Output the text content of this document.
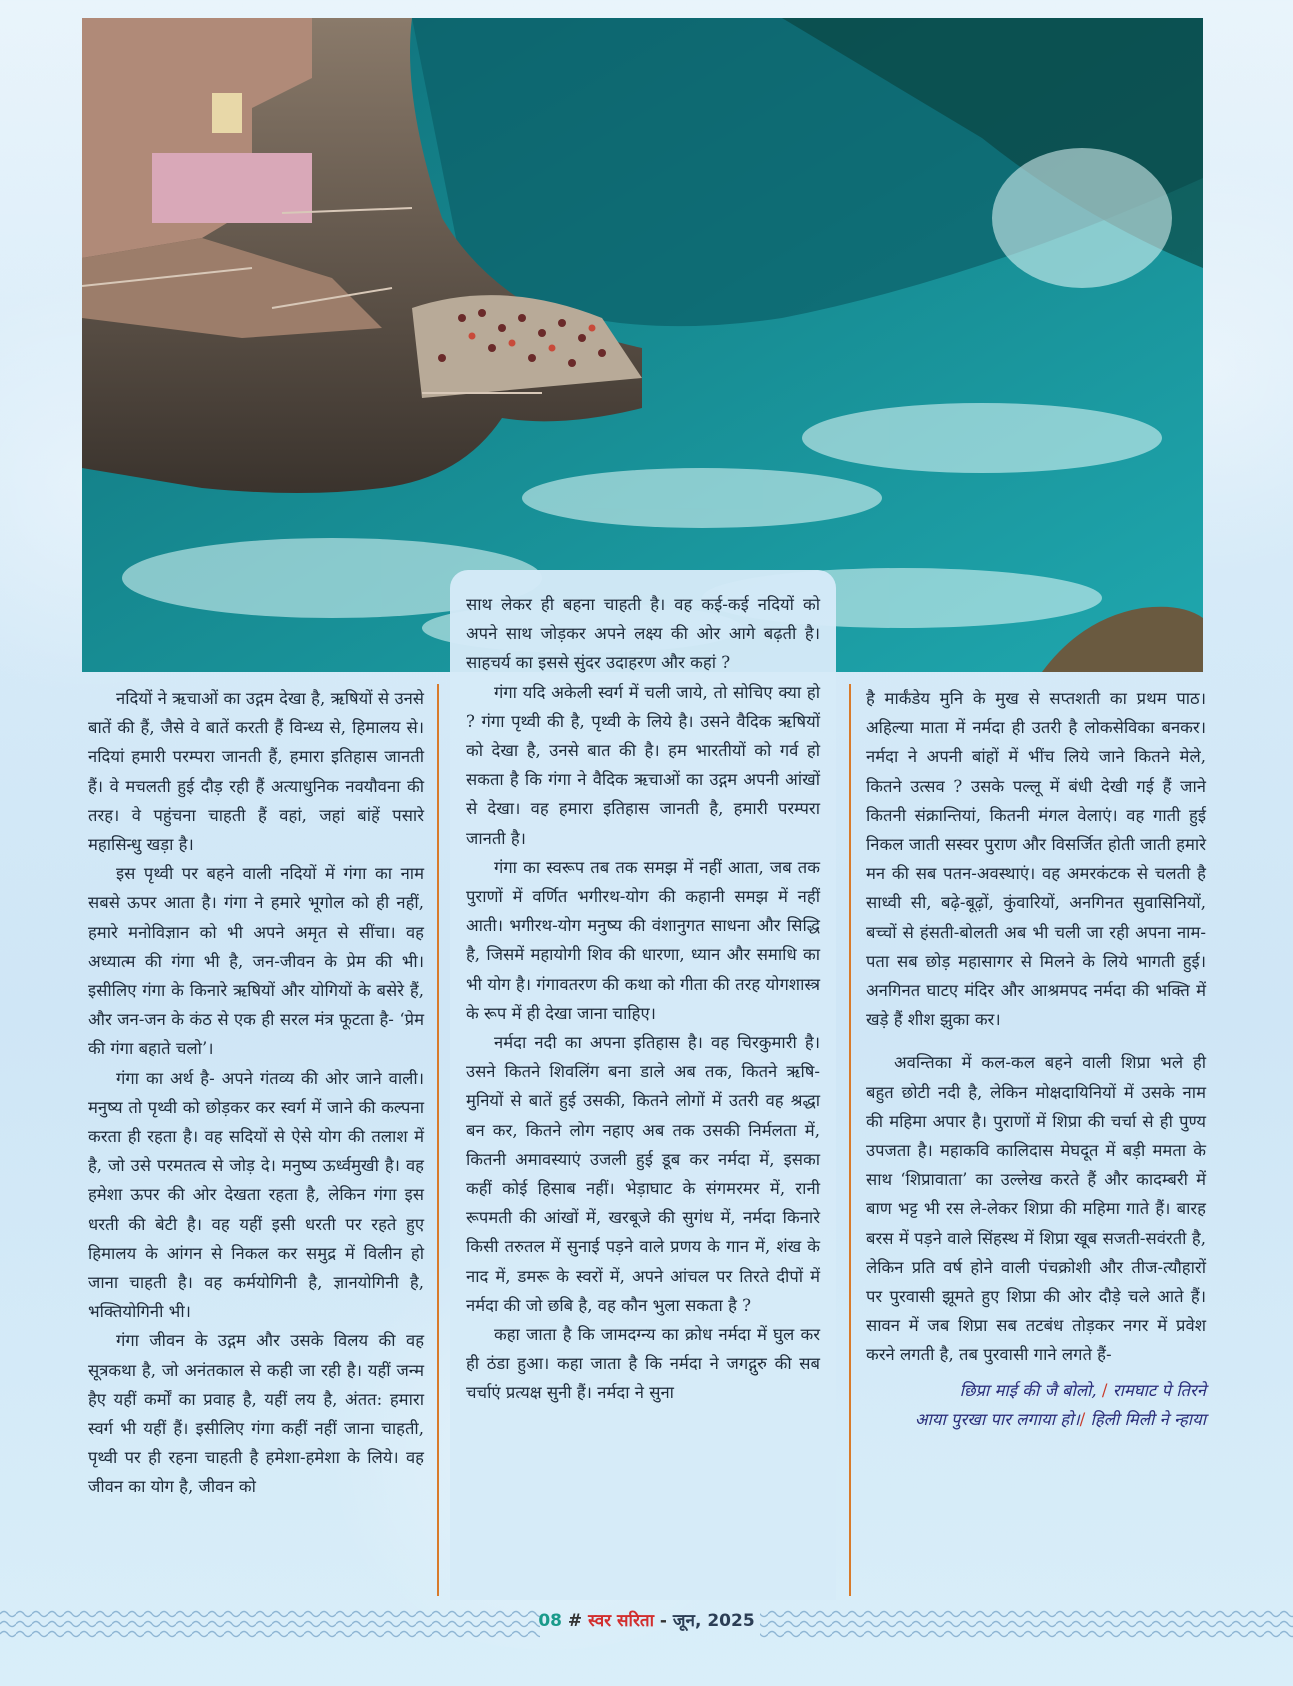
नदियों ने ऋचाओं का उद्गम देखा है, ऋषियों से उनसे बातें की हैं, जैसे वे बातें करती हैं विन्ध्य से, हिमालय से। नदियां हमारी परम्परा जानती हैं, हमारा इतिहास जानती हैं। वे मचलती हुई दौड़ रही हैं अत्याधुनिक नवयौवना की तरह। वे पहुंचना चाहती हैं वहां, जहां बांहें पसारे महासिन्धु खड़ा है।

इस पृथ्वी पर बहने वाली नदियों में गंगा का नाम सबसे ऊपर आता है। गंगा ने हमारे भूगोल को ही नहीं, हमारे मनोविज्ञान को भी अपने अमृत से सींचा। वह अध्यात्म की गंगा भी है, जन-जीवन के प्रेम की भी। इसीलिए गंगा के किनारे ऋषियों और योगियों के बसेरे हैं, और जन-जन के कंठ से एक ही सरल मंत्र फूटता है- ‘प्रेम की गंगा बहाते चलो’।

गंगा का अर्थ है- अपने गंतव्य की ओर जाने वाली। मनुष्य तो पृथ्वी को छोड़कर कर स्वर्ग में जाने की कल्पना करता ही रहता है। वह सदियों से ऐसे योग की तलाश में है, जो उसे परमतत्व से जोड़ दे। मनुष्य ऊर्ध्वमुखी है। वह हमेशा ऊपर की ओर देखता रहता है, लेकिन गंगा इस धरती की बेटी है। वह यहीं इसी धरती पर रहते हुए हिमालय के आंगन से निकल कर समुद्र में विलीन हो जाना चाहती है। वह कर्मयोगिनी है, ज्ञानयोगिनी है, भक्तियोगिनी भी।

गंगा जीवन के उद्गम और उसके विलय की वह सूत्रकथा है, जो अनंतकाल से कही जा रही है। यहीं जन्म हैए यहीं कर्मों का प्रवाह है, यहीं लय है, अंतत: हमारा स्वर्ग भी यहीं हैं। इसीलिए गंगा कहीं नहीं जाना चाहती, पृथ्वी पर ही रहना चाहती है हमेशा-हमेशा के लिये। वह जीवन का योग है, जीवन को

साथ लेकर ही बहना चाहती है। वह कई-कई नदियों को अपने साथ जोड़कर अपने लक्ष्य की ओर आगे बढ़ती है। साहचर्य का इससे सुंदर उदाहरण और कहां ?

गंगा यदि अकेली स्वर्ग में चली जाये, तो सोचिए क्या हो ? गंगा पृथ्वी की है, पृथ्वी के लिये है। उसने वैदिक ऋषियों को देखा है, उनसे बात की है। हम भारतीयों को गर्व हो सकता है कि गंगा ने वैदिक ऋचाओं का उद्गम अपनी आंखों से देखा। वह हमारा इतिहास जानती है, हमारी परम्परा जानती है।

गंगा का स्वरूप तब तक समझ में नहीं आता, जब तक पुराणों में वर्णित भगीरथ-योग की कहानी समझ में नहीं आती। भगीरथ-योग मनुष्य की वंशानुगत साधना और सिद्धि है, जिसमें महायोगी शिव की धारणा, ध्यान और समाधि का भी योग है। गंगावतरण की कथा को गीता की तरह योगशास्त्र के रूप में ही देखा जाना चाहिए।

नर्मदा नदी का अपना इतिहास है। वह चिरकुमारी है। उसने कितने शिवलिंग बना डाले अब तक, कितने ऋषि-मुनियों से बातें हुई उसकी, कितने लोगों में उतरी वह श्रद्धा बन कर, कितने लोग नहाए अब तक उसकी निर्मलता में, कितनी अमावस्याएं उजली हुई डूब कर नर्मदा में, इसका कहीं कोई हिसाब नहीं। भेड़ाघाट के संगमरमर में, रानी रूपमती की आंखों में, खरबूजे की सुगंध में, नर्मदा किनारे किसी तरुतल में सुनाई पड़ने वाले प्रणय के गान में, शंख के नाद में, डमरू के स्वरों में, अपने आंचल पर तिरते दीपों में नर्मदा की जो छबि है, वह कौन भुला सकता है ?

कहा जाता है कि जामदग्न्य का क्रोध नर्मदा में घुल कर ही ठंडा हुआ। कहा जाता है कि नर्मदा ने जगद्गुरु की सब चर्चाएं प्रत्यक्ष सुनी हैं। नर्मदा ने सुना

है मार्कंडेय मुनि के मुख से सप्तशती का प्रथम पाठ। अहिल्या माता में नर्मदा ही उतरी है लोकसेविका बनकर। नर्मदा ने अपनी बांहों में भींच लिये जाने कितने मेले, कितने उत्सव ? उसके पल्लू में बंधी देखी गई हैं जाने कितनी संक्रान्तियां, कितनी मंगल वेलाएं। वह गाती हुई निकल जाती सस्वर पुराण और विसर्जित होती जाती हमारे मन की सब पतन-अवस्थाएं। वह अमरकंटक से चलती है साध्वी सी, बढ़े-बूढ़ों, कुंवारियों, अनगिनत सुवासिनियों, बच्चों से हंसती-बोलती अब भी चली जा रही अपना नाम-पता सब छोड़ महासागर से मिलने के लिये भागती हुई। अनगिनत घाटए मंदिर और आश्रमपद नर्मदा की भक्ति में खड़े हैं शीश झुका कर।

अवन्तिका में कल-कल बहने वाली शिप्रा भले ही बहुत छोटी नदी है, लेकिन मोक्षदायिनियों में उसके नाम की महिमा अपार है। पुराणों में शिप्रा की चर्चा से ही पुण्य उपजता है। महाकवि कालिदास मेघदूत में बड़ी ममता के साथ ‘शिप्रावाता’ का उल्लेख करते हैं और कादम्बरी में बाण भट्ट भी रस ले-लेकर शिप्रा की महिमा गाते हैं। बारह बरस में पड़ने वाले सिंहस्थ में शिप्रा खूब सजती-सवंरती है, लेकिन प्रति वर्ष होने वाली पंचक्रोशी और तीज-त्यौहारों पर पुरवासी झूमते हुए शिप्रा की ओर दौड़े चले आते हैं। सावन में जब शिप्रा सब तटबंध तोड़कर नगर में प्रवेश करने लगती है, तब पुरवासी गाने लगते हैं-

छिप्रा माई की जै बोलो, / रामघाट पे तिरने
आया पुरखा पार लगाया हो।/ हिली मिली ने न्हाया
08 # स्वर सरिता - जून, 2025
